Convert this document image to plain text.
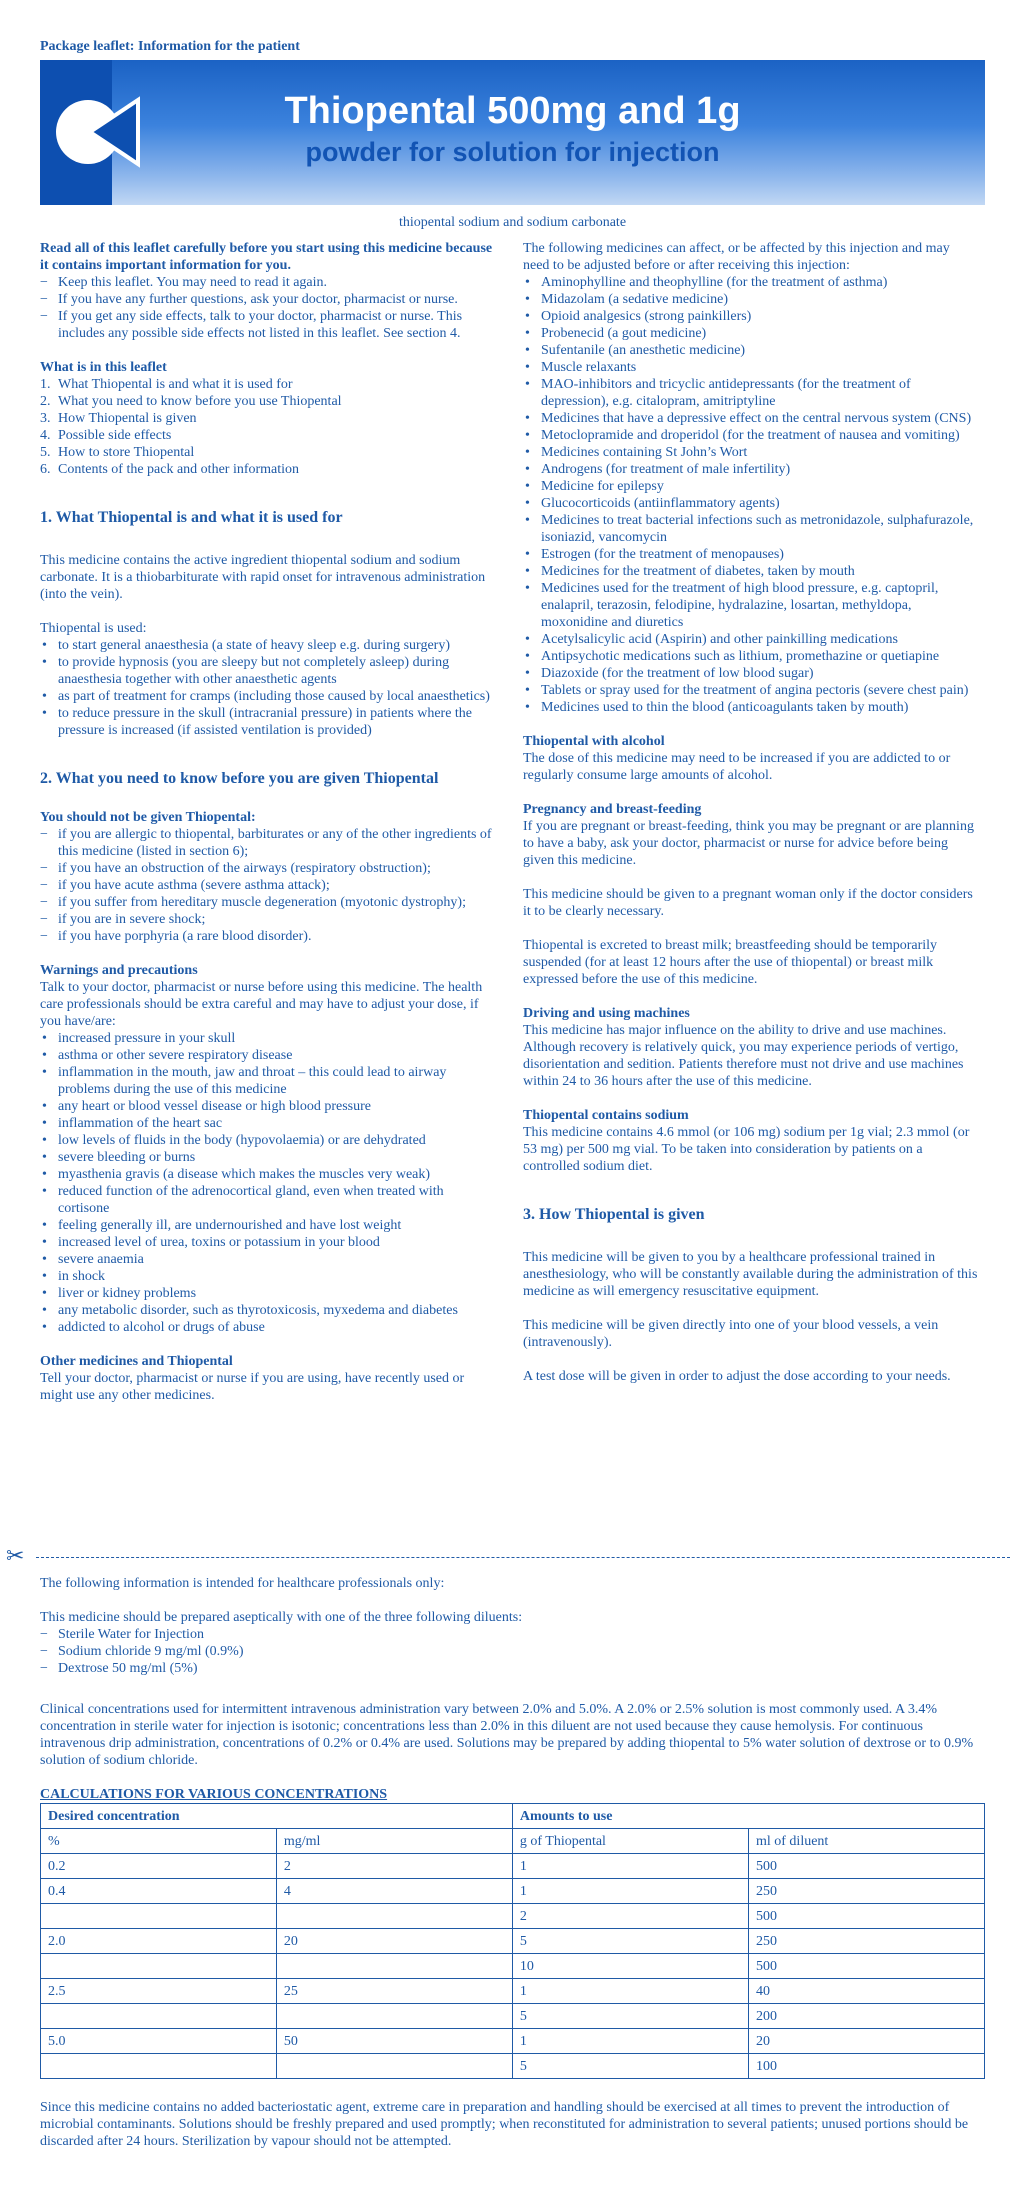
Package leaflet: Information for the patient
Thiopental 500mg and 1g
powder for solution for injection
thiopental sodium and sodium carbonate

Read all of this leaflet carefully before you start using this medicine because it contains important information for you.

− Keep this leaflet. You may need to read it again.
− If you have any further questions, ask your doctor, pharmacist or nurse.
− If you get any side effects, talk to your doctor, pharmacist or nurse. This includes any possible side effects not listed in this leaflet. See section 4.

What is in this leaflet

1. What Thiopental is and what it is used for
2. What you need to know before you use Thiopental
3. How Thiopental is given
4. Possible side effects
5. How to store Thiopental
6. Contents of the pack and other information

1. What Thiopental is and what it is used for

This medicine contains the active ingredient thiopental sodium and sodium carbonate. It is a thiobarbiturate with rapid onset for intravenous administration (into the vein).

Thiopental is used:

• to start general anaesthesia (a state of heavy sleep e.g. during surgery)
• to provide hypnosis (you are sleepy but not completely asleep) during anaesthesia together with other anaesthetic agents
• as part of treatment for cramps (including those caused by local anaesthetics)
• to reduce pressure in the skull (intracranial pressure) in patients where the pressure is increased (if assisted ventilation is provided)

2. What you need to know before you are given Thiopental

You should not be given Thiopental:

− if you are allergic to thiopental, barbiturates or any of the other ingredients of this medicine (listed in section 6);
− if you have an obstruction of the airways (respiratory obstruction);
− if you have acute asthma (severe asthma attack);
− if you suffer from hereditary muscle degeneration (myotonic dystrophy);
− if you are in severe shock;
− if you have porphyria (a rare blood disorder).

Warnings and precautions

Talk to your doctor, pharmacist or nurse before using this medicine. The health care professionals should be extra careful and may have to adjust your dose, if you have/are:

• increased pressure in your skull
• asthma or other severe respiratory disease
• inflammation in the mouth, jaw and throat – this could lead to airway problems during the use of this medicine
• any heart or blood vessel disease or high blood pressure
• inflammation of the heart sac
• low levels of fluids in the body (hypovolaemia) or are dehydrated
• severe bleeding or burns
• myasthenia gravis (a disease which makes the muscles very weak)
• reduced function of the adrenocortical gland, even when treated with cortisone
• feeling generally ill, are undernourished and have lost weight
• increased level of urea, toxins or potassium in your blood
• severe anaemia
• in shock
• liver or kidney problems
• any metabolic disorder, such as thyrotoxicosis, myxedema and diabetes
• addicted to alcohol or drugs of abuse

Other medicines and Thiopental

Tell your doctor, pharmacist or nurse if you are using, have recently used or might use any other medicines.

The following medicines can affect, or be affected by this injection and may need to be adjusted before or after receiving this injection:

• Aminophylline and theophylline (for the treatment of asthma)
• Midazolam (a sedative medicine)
• Opioid analgesics (strong painkillers)
• Probenecid (a gout medicine)
• Sufentanile (an anesthetic medicine)
• Muscle relaxants
• MAO-inhibitors and tricyclic antidepressants (for the treatment of depression), e.g. citalopram, amitriptyline
• Medicines that have a depressive effect on the central nervous system (CNS)
• Metoclopramide and droperidol (for the treatment of nausea and vomiting)
• Medicines containing St John’s Wort
• Androgens (for treatment of male infertility)
• Medicine for epilepsy
• Glucocorticoids (antiinflammatory agents)
• Medicines to treat bacterial infections such as metronidazole, sulphafurazole, isoniazid, vancomycin
• Estrogen (for the treatment of menopauses)
• Medicines for the treatment of diabetes, taken by mouth
• Medicines used for the treatment of high blood pressure, e.g. captopril, enalapril, terazosin, felodipine, hydralazine, losartan, methyldopa, moxonidine and diuretics
• Acetylsalicylic acid (Aspirin) and other painkilling medications
• Antipsychotic medications such as lithium, promethazine or quetiapine
• Diazoxide (for the treatment of low blood sugar)
• Tablets or spray used for the treatment of angina pectoris (severe chest pain)
• Medicines used to thin the blood (anticoagulants taken by mouth)

Thiopental with alcohol

The dose of this medicine may need to be increased if you are addicted to or regularly consume large amounts of alcohol.

Pregnancy and breast-feeding

If you are pregnant or breast-feeding, think you may be pregnant or are planning to have a baby, ask your doctor, pharmacist or nurse for advice before being given this medicine.

This medicine should be given to a pregnant woman only if the doctor considers it to be clearly necessary.

Thiopental is excreted to breast milk; breastfeeding should be temporarily suspended (for at least 12 hours after the use of thiopental) or breast milk expressed before the use of this medicine.

Driving and using machines

This medicine has major influence on the ability to drive and use machines. Although recovery is relatively quick, you may experience periods of vertigo, disorientation and sedition. Patients therefore must not drive and use machines within 24 to 36 hours after the use of this medicine.

Thiopental contains sodium

This medicine contains 4.6 mmol (or 106 mg) sodium per 1g vial; 2.3 mmol (or 53 mg) per 500 mg vial. To be taken into consideration by patients on a controlled sodium diet.

3. How Thiopental is given

This medicine will be given to you by a healthcare professional trained in anesthesiology, who will be constantly available during the administration of this medicine as will emergency resuscitative equipment.

This medicine will be given directly into one of your blood vessels, a vein (intravenously).

A test dose will be given in order to adjust the dose according to your needs.

✂

The following information is intended for healthcare professionals only:

This medicine should be prepared aseptically with one of the three following diluents:

− Sterile Water for Injection
− Sodium chloride 9 mg/ml (0.9%)
− Dextrose 50 mg/ml (5%)

Clinical concentrations used for intermittent intravenous administration vary between 2.0% and 5.0%. A 2.0% or 2.5% solution is most commonly used. A 3.4% concentration in sterile water for injection is isotonic; concentrations less than 2.0% in this diluent are not used because they cause hemolysis. For continuous intravenous drip administration, concentrations of 0.2% or 0.4% are used. Solutions may be prepared by adding thiopental to 5% water solution of dextrose or to 0.9% solution of sodium chloride.

CALCULATIONS FOR VARIOUS CONCENTRATIONS

Desired concentration		Amounts to use	
%	mg/ml	g of Thiopental	ml of diluent
0.2	2	1	500
0.4	4	1	250
		2	500
2.0	20	5	250
		10	500
2.5	25	1	40
		5	200
5.0	50	1	20
		5	100

Since this medicine contains no added bacteriostatic agent, extreme care in preparation and handling should be exercised at all times to prevent the introduction of microbial contaminants. Solutions should be freshly prepared and used promptly; when reconstituted for administration to several patients; unused portions should be discarded after 24 hours. Sterilization by vapour should not be attempted.
